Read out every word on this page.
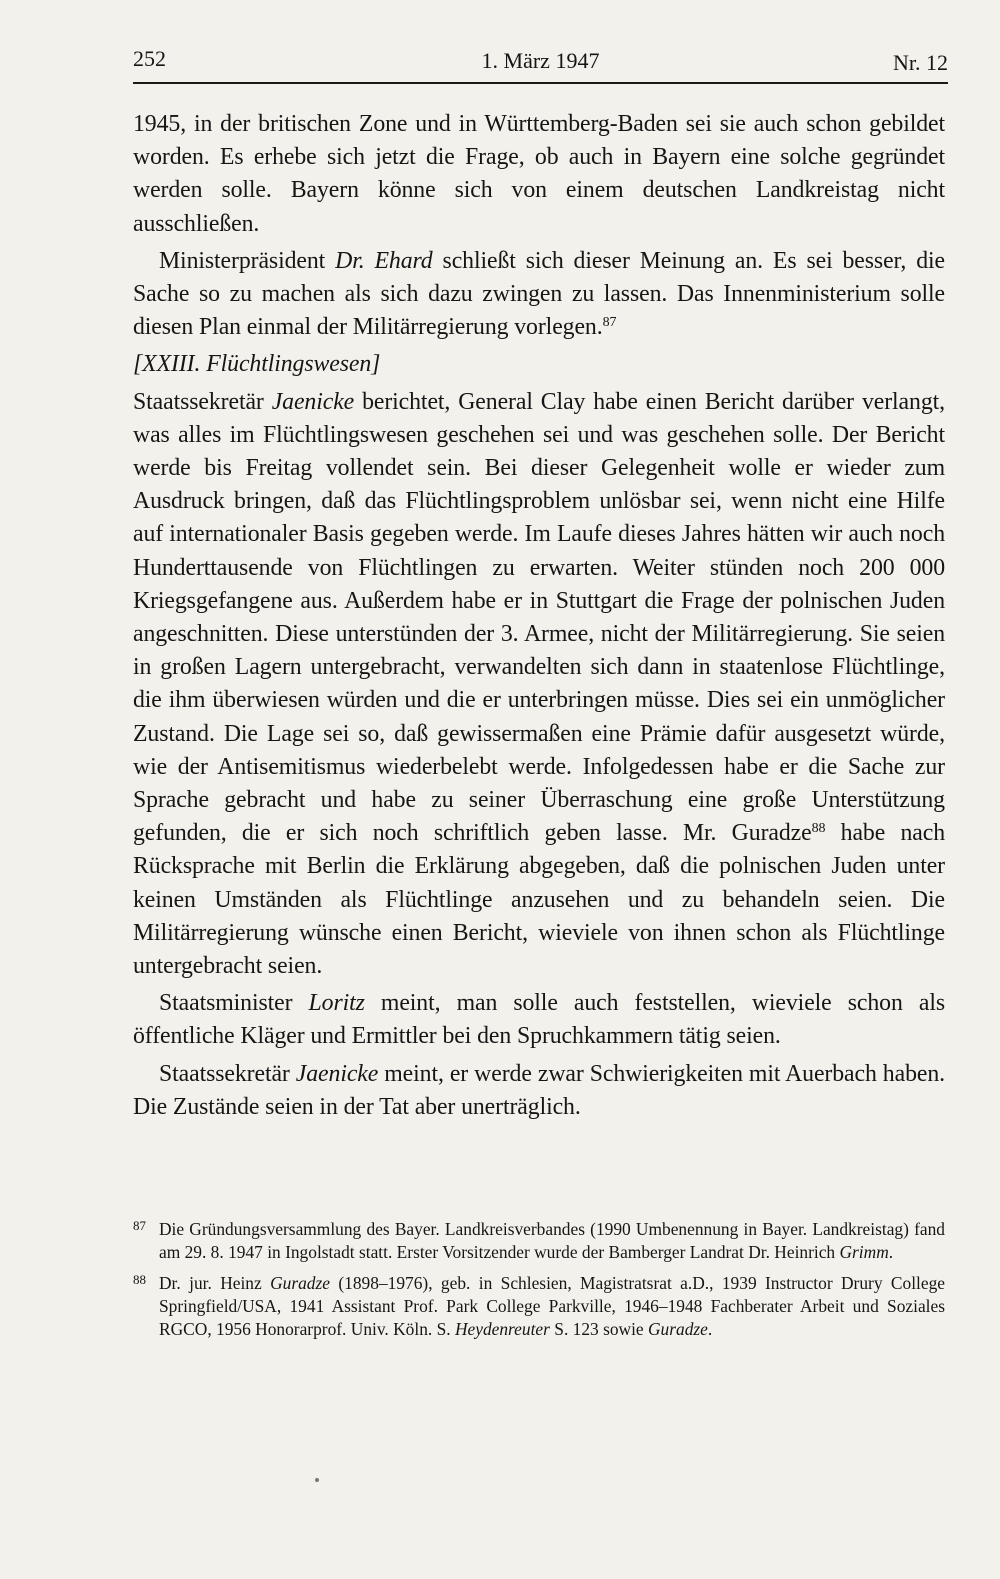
252	1. März 1947	Nr. 12

1945, in der britischen Zone und in Württemberg-Baden sei sie auch schon gebildet worden. Es erhebe sich jetzt die Frage, ob auch in Bayern eine solche gegründet werden solle. Bayern könne sich von einem deutschen Landkreistag nicht ausschließen.

Ministerpräsident Dr. Ehard schließt sich dieser Meinung an. Es sei besser, die Sache so zu machen als sich dazu zwingen zu lassen. Das Innenministerium solle diesen Plan einmal der Militärregierung vorlegen.$^{87}$

[XXIII. Flüchtlingswesen]

Staatssekretär Jaenicke berichtet, General Clay habe einen Bericht darüber verlangt, was alles im Flüchtlingswesen geschehen sei und was geschehen solle. Der Bericht werde bis Freitag vollendet sein. Bei dieser Gelegenheit wolle er wieder zum Ausdruck bringen, daß das Flüchtlingsproblem unlösbar sei, wenn nicht eine Hilfe auf internationaler Basis gegeben werde. Im Laufe dieses Jahres hätten wir auch noch Hunderttausende von Flüchtlingen zu erwarten. Weiter stünden noch 200 000 Kriegsgefangene aus. Außerdem habe er in Stuttgart die Frage der polnischen Juden angeschnitten. Diese unterstünden der 3. Armee, nicht der Militärregierung. Sie seien in großen Lagern untergebracht, verwandelten sich dann in staatenlose Flüchtlinge, die ihm überwiesen würden und die er unterbringen müsse. Dies sei ein unmöglicher Zustand. Die Lage sei so, daß gewissermaßen eine Prämie dafür ausgesetzt würde, wie der Antisemitismus wiederbelebt werde. Infolgedessen habe er die Sache zur Sprache gebracht und habe zu seiner Überraschung eine große Unterstützung gefunden, die er sich noch schriftlich geben lasse. Mr. Guradze$^{88}$ habe nach Rücksprache mit Berlin die Erklärung abgegeben, daß die polnischen Juden unter keinen Umständen als Flüchtlinge anzusehen und zu behandeln seien. Die Militärregierung wünsche einen Bericht, wieviele von ihnen schon als Flüchtlinge untergebracht seien.

Staatsminister Loritz meint, man solle auch feststellen, wieviele schon als öffentliche Kläger und Ermittler bei den Spruchkammern tätig seien.

Staatssekretär Jaenicke meint, er werde zwar Schwierigkeiten mit Auerbach haben. Die Zustände seien in der Tat aber unerträglich.

87 Die Gründungsversammlung des Bayer. Landkreisverbandes (1990 Umbenennung in Bayer. Landkreistag) fand am 29. 8. 1947 in Ingolstadt statt. Erster Vorsitzender wurde der Bamberger Landrat Dr. Heinrich Grimm.

88 Dr. jur. Heinz Guradze (1898–1976), geb. in Schlesien, Magistratsrat a.D., 1939 Instructor Drury College Springfield/USA, 1941 Assistant Prof. Park College Parkville, 1946–1948 Fachberater Arbeit und Soziales RGCO, 1956 Honorarprof. Univ. Köln. S. Heydenreuter S. 123 sowie Guradze.
